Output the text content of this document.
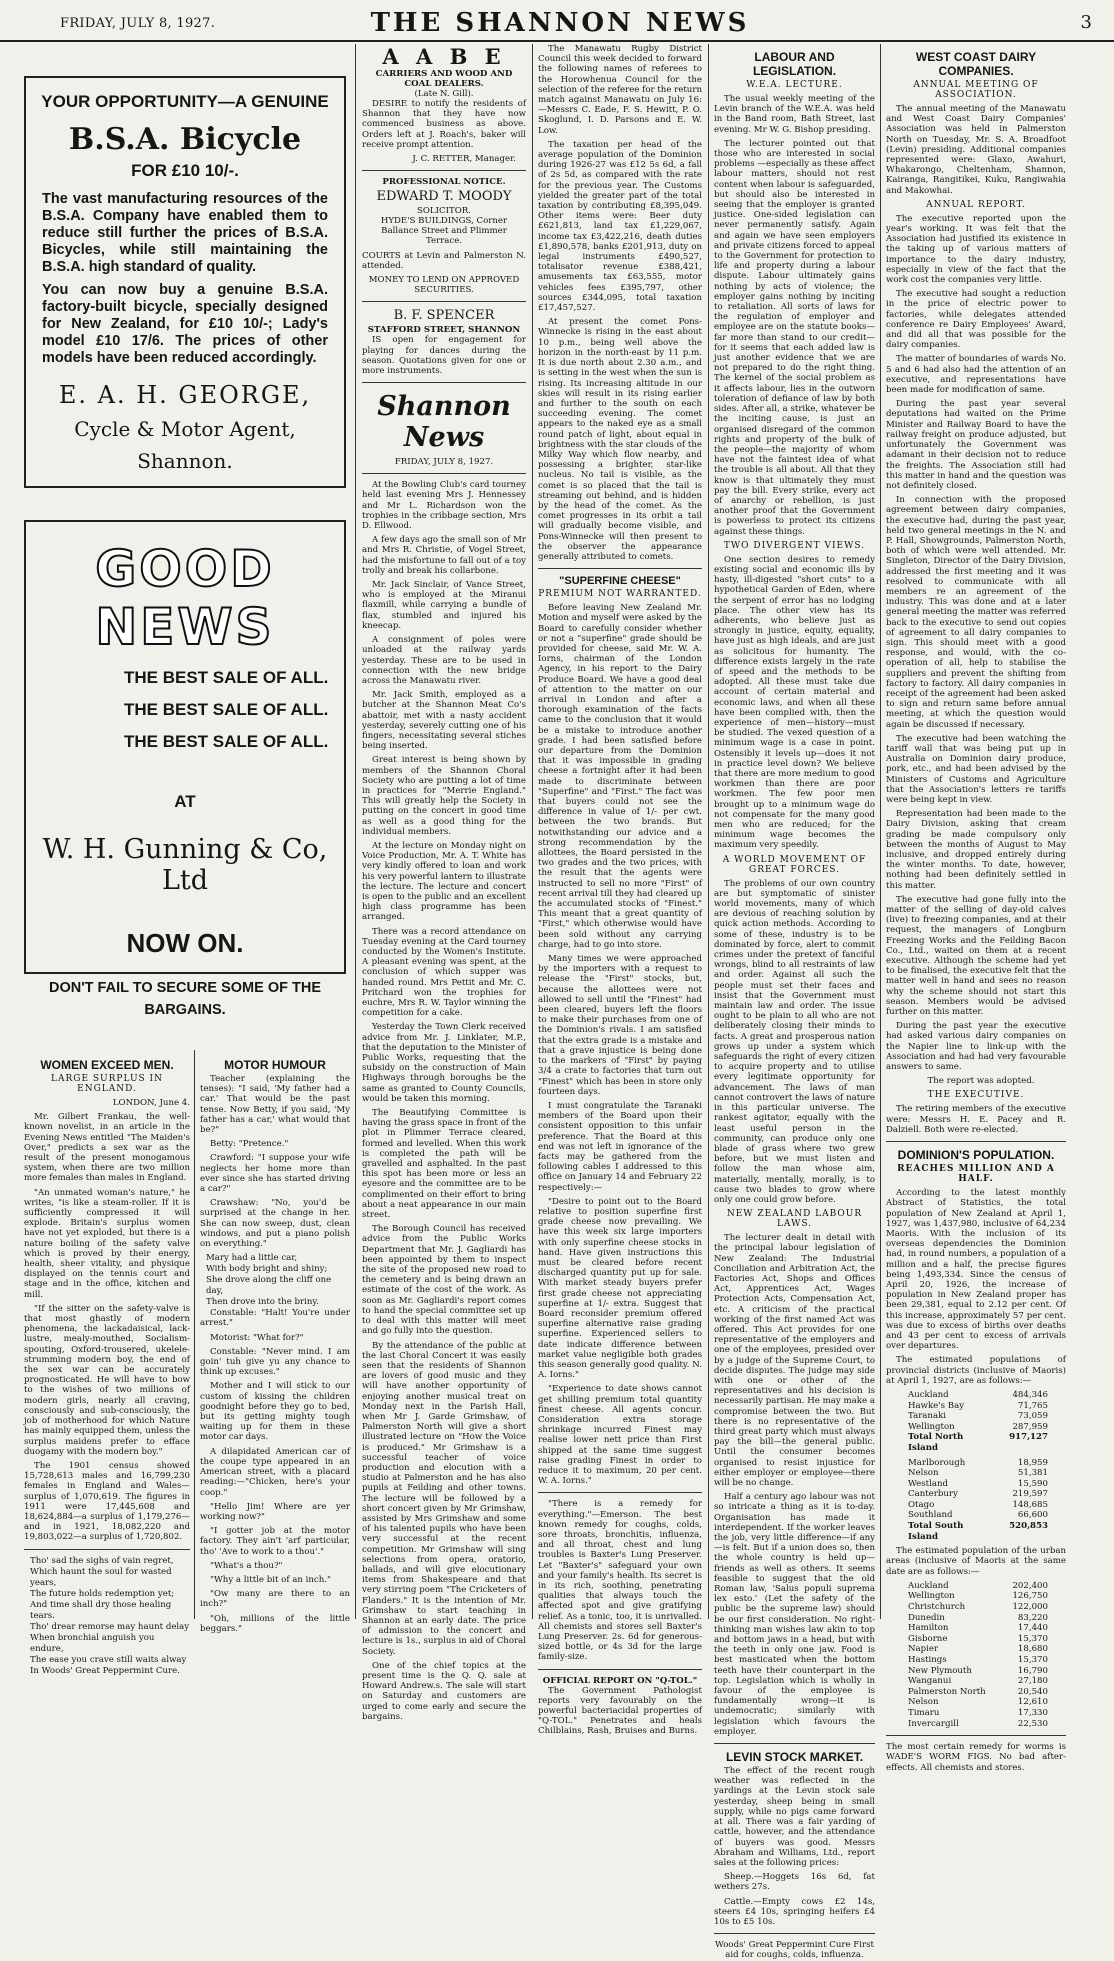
FRIDAY, JULY 8, 1927.	THE SHANNON NEWS	3
YOUR OPPORTUNITY—A GENUINE
B.S.A. Bicycle
FOR £10 10/-.
The vast manufacturing resources of the B.S.A. Company have enabled them to reduce still further the prices of B.S.A. Bicycles, while still maintaining the B.S.A. high standard of quality.
You can now buy a genuine B.S.A. factory-built bicycle, specially designed for New Zealand, for £10 10/-; Lady's model £10 17/6. The prices of other models have been reduced accordingly.
E. A. H. GEORGE,
Cycle & Motor Agent,
Shannon.
GOOD NEWS
THE BEST SALE OF ALL.
THE BEST SALE OF ALL.
THE BEST SALE OF ALL.
AT
W. H. Gunning & Co, Ltd
NOW ON.
DON'T FAIL TO SECURE SOME OF THE BARGAINS.
WOMEN EXCEED MEN.
LARGE SURPLUS IN ENGLAND.

LONDON, June 4.

Mr. Gilbert Frankau, the well-known novelist, in an article in the Evening News entitled "The Maiden's Over," predicts a sex war as the result of the present monogamous system, when there are two million more females than males in England.

"An unmated woman's nature," he writes, "is like a steam-roller. If it is sufficiently compressed it will explode. Britain's surplus women have not yet exploded, but there is a nature boiling of the safety valve which is proved by their energy, health, sheer vitality, and physique displayed on the tennis court and stage and in the office, kitchen and mill.

"If the sitter on the safety-valve is that most ghastly of modern phenomena, the lackadaisical, lack-lustre, mealy-mouthed, Socialism-spouting, Oxford-trousered, ukelele-strumming modern boy, the end of the sex war can be accurately prognosticated. He will have to bow to the wishes of two millions of modern girls, nearly all craving, consciously and sub-consciously, the job of motherhood for which Nature has mainly equipped them, unless the surplus maidens prefer to efface duogamy with the modern boy."

The 1901 census showed 15,728,613 males and 16,799,230 females in England and Wales—surplus of 1,070,619. The figures in 1911 were 17,445,608 and 18,624,884—a surplus of 1,179,276—and in 1921, 18,082,220 and 19,803,022—a surplus of 1,720,802.

Tho' sad the sighs of vain regret,
Which haunt the soul for wasted years,
The future holds redemption yet;
And time shall dry those healing tears.
Tho' drear remorse may haunt delay
When bronchial anguish you endure,
The ease you crave still waits alway
In Woods' Great Peppermint Cure.
MOTOR HUMOUR

Teacher (explaining the tenses): "I said, 'My father had a car.' That would be the past tense. Now Betty, if you said, 'My father has a car,' what would that be?"

Betty: "Pretence."

Crawford: "I suppose your wife neglects her home more than ever since she has started driving a car?"

Crawshaw: "No, you'd be surprised at the change in her. She can now sweep, dust, clean windows, and put a piano polish on everything."

Mary had a little car,
With body bright and shiny;
She drove along the cliff one day,
Then drove into the briny.

Constable: "Halt! You're under arrest."

Motorist: "What for?"

Constable: "Never mind. I am goin' tuh give yu any chance to think up excuses."

Mother and I will stick to our custom of kissing the children goodnight before they go to bed, but its getting mighty tough waiting up for them in these motor car days.

A dilapidated American car of the coupe type appeared in an American street, with a placard reading:—"Chicken, here's your coop."

"Hello Jim! Where are yer working now?"

"I gotter job at the motor factory. They ain't 'arf particular, tho' 'Ave to work to a thou'."

"What's a thou?"

"Why a little bit of an inch."

"Ow many are there to an inch?"

"Oh, millions of the little beggars."

A A B E
CARRIERS AND WOOD AND COAL DEALERS.
(Late N. Gill).

DESIRE to notify the residents of Shannon that they have now commenced business as above. Orders left at J. Roach's, baker will receive prompt attention.

J. C. RETTER, Manager.
PROFESSIONAL NOTICE.
EDWARD T. MOODY
SOLICITOR.

HYDE'S BUILDINGS, Corner Ballance Street and Plimmer Terrace.

COURTS at Levin and Palmerston N. attended.

MONEY TO LEND ON APPROVED SECURITIES.

B. F. SPENCER
STAFFORD STREET, SHANNON

IS open for engagement for playing for dances during the season. Quotations given for one or more instruments.

Shannon News
FRIDAY, JULY 8, 1927.

At the Bowling Club's card tourney held last evening Mrs J. Hennessey and Mr L. Richardson won the trophies in the cribbage section, Mrs D. Ellwood.

A few days ago the small son of Mr and Mrs R. Christie, of Vogel Street, had the misfortune to fall out of a toy trolly and break his collarbone.

Mr. Jack Sinclair, of Vance Street, who is employed at the Miranui flaxmill, while carrying a bundle of flax, stumbled and injured his kneecap.

A consignment of poles were unloaded at the railway yards yesterday. These are to be used in connection with the new bridge across the Manawatu river.

Mr. Jack Smith, employed as a butcher at the Shannon Meat Co's abattoir, met with a nasty accident yesterday, severely cutting one of his fingers, necessitating several stiches being inserted.

Great interest is being shown by members of the Shannon Choral Society who are putting a lot of time in practices for "Merrie England." This will greatly help the Society in putting on the concert in good time as well as a good thing for the individual members.

At the lecture on Monday night on Voice Production, Mr. A. T. White has very kindly offered to loan and work his very powerful lantern to illustrate the lecture. The lecture and concert is open to the public and an excellent high class programme has been arranged.

There was a record attendance on Tuesday evening at the Card tourney conducted by the Women's Institute. A pleasant evening was spent, at the conclusion of which supper was handed round. Mrs Pettit and Mr. C. Pritchard won the trophies for euchre, Mrs R. W. Taylor winning the competition for a cake.

Yesterday the Town Clerk received advice from Mr. J. Linklater, M.P., that the deputation to the Minister of Public Works, requesting that the subsidy on the construction of Main Highways through boroughs be the same as granted to County Councils, would be taken this morning.

The Beautifying Committee is having the grass space in front of the plot in Plimmer Terrace cleared, formed and levelled. When this work is completed the path will be gravelled and asphalted. In the past this spot has been more or less an eyesore and the committee are to be complimented on their effort to bring about a neat appearance in our main street.

The Borough Council has received advice from the Public Works Department that Mr. J. Gagliardi has been appointed by them to inspect the site of the proposed new road to the cemetery and is being drawn an estimate of the cost of the work. As soon as Mr. Gagliardi's report comes to hand the special committee set up to deal with this matter will meet and go fully into the question.

By the attendance of the public at the last Choral Concert it was easily seen that the residents of Shannon are lovers of good music and they will have another opportunity of enjoying another musical treat on Monday next in the Parish Hall, when Mr J. Garde Grimshaw, of Palmerston North will give a short illustrated lecture on "How the Voice is produced." Mr Grimshaw is a successful teacher of voice production and elocution with a studio at Palmerston and he has also pupils at Feilding and other towns. The lecture will be followed by a short concert given by Mr Grimshaw, assisted by Mrs Grimshaw and some of his talented pupils who have been very successful at the recent competition. Mr Grimshaw will sing selections from opera, oratorio, ballads, and will give elocutionary items from Shakespeare and that very stirring poem "The Cricketers of Flanders." It is the intention of Mr. Grimshaw to start teaching in Shannon at an early date. The price of admission to the concert and lecture is 1s., surplus in aid of Choral Society.

One of the chief topics at the present time is the Q. Q. sale at Howard Andrew.s. The sale will start on Saturday and customers are urged to come early and secure the bargains.

The Manawatu Rugby District Council this week decided to forward the following names of referees to the Horowhenua Council for the selection of the referee for the return match against Manawatu on July 16:—Messrs C. Eade, F. S. Hewitt, P. O. Skoglund, I. D. Parsons and E. W. Low.

The taxation per head of the average population of the Dominion during 1926-27 was £12 5s 6d, a fall of 2s 5d, as compared with the rate for the previous year. The Customs yielded the greater part of the total taxation by contributing £8,395,049. Other items were: Beer duty £621,813, land tax £1,229,067, income tax £3,422,216, death duties £1,890,578, banks £201,913, duty on legal instruments £490,527, totalisator revenue £388,421, amusements tax £63,555, motor vehicles fees £395,797, other sources £344,095, total taxation £17,457,527.

At present the comet Pons-Winnecke is rising in the east about 10 p.m., being well above the horizon in the north-east by 11 p.m. It is due north about 2.30 a.m., and is setting in the west when the sun is rising. Its increasing altitude in our skies will result in its rising earlier and further to the south on each succeeding evening. The comet appears to the naked eye as a small round patch of light, about equal in brightness with the star clouds of the Milky Way which flow nearby, and possessing a brighter, star-like nucleus. No tail is visible, as the comet is so placed that the tail is streaming out behind, and is hidden by the head of the comet. As the comet progresses in its orbit a tail will gradually become visible, and Pons-Winnecke will then present to the observer the appearance generally attributed to comets.

"SUPERFINE CHEESE"
PREMIUM NOT WARRANTED.

Before leaving New Zealand Mr. Motion and myself were asked by the Board to carefully consider whether or not a "superfine" grade should be provided for cheese, said Mr. W. A. Iorns, chairman of the London Agency, in his report to the Dairy Produce Board. We have a good deal of attention to the matter on our arrival in London and after a thorough examination of the facts came to the conclusion that it would be a mistake to introduce another grade. I had been satisfied before our departure from the Dominion that it was impossible in grading cheese a fortnight after it had been made to discriminate between "Superfine" and "First." The fact was that buyers could not see the difference in value of 1/- per cwt. between the two brands. But notwithstanding our advice and a strong recommendation by the allottees, the Board persisted in the two grades and the two prices, with the result that the agents were instructed to sell no more "First" of recent arrival till they had cleared up the accumulated stocks of "Finest." This meant that a great quantity of "First," which otherwise would have been sold without any carrying charge, had to go into store.

Many times we were approached by the importers with a request to release the "First" stocks, but, because the allottees were not allowed to sell until the "Finest" had been cleared, buyers left the floors to make their purchases from one of the Dominion's rivals. I am satisfied that the extra grade is a mistake and that a grave injustice is being done to the markers of "First" by paying 3/4 a crate to factories that turn out "Finest" which has been in store only fourteen days.

I must congratulate the Taranaki members of the Board upon their consistent opposition to this unfair preference. That the Board at this end was not left in ignorance of the facts may be gathered from the following cables I addressed to this office on January 14 and February 22 respectively:—

"Desire to point out to the Board relative to position superfine first grade cheese now prevailing. We have this week six large importers with only superfine cheese stocks in hand. Have given instructions this must be cleared before recent discharged quantity put up for sale. With market steady buyers prefer first grade cheese not appreciating superfine at 1/- extra. Suggest that Board reconsider premium offered superfine alternative raise grading superfine. Experienced sellers to date indicate difference between market value negligible both grades this season generally good quality. N. A. Iorns."

"Experience to date shows cannot get shilling premium total quantity finest cheese. All agents concur. Consideration extra storage shrinkage incurred Finest may realise lower nett price than First shipped at the same time suggest raise grading Finest in order to reduce it to maximum, 20 per cent. W. A. Iorns."

"There is a remedy for everything."—Emerson. The best known remedy for coughs, colds, sore throats, bronchitis, influenza, and all throat, chest and lung troubles is Baxter's Lung Preserver. Let "Baxter's" safeguard your own and your family's health. Its secret is in its rich, soothing, penetrating qualities that always touch the affected spot and give gratifying relief. As a tonic, too, it is unrivalled. All chemists and stores sell Baxter's Lung Preserver. 2s. 6d for generous-sized bottle, or 4s 3d for the large family-size.

OFFICIAL REPORT ON "Q-TOL."

The Government Pathologist reports very favourably on the powerful bacteriacidal properties of "Q-TOL." Penetrates and heals Chilblains, Rash, Bruises and Burns.

LABOUR AND LEGISLATION.
W.E.A. LECTURE.

The usual weekly meeting of the Levin branch of the W.E.A. was held in the Band room, Bath Street, last evening. Mr W. G. Bishop presiding.

The lecturer pointed out that those who are interested in social problems —especially as these affect labour matters, should not rest content when labour is safeguarded, but should also be interested in seeing that the employer is granted justice. One-sided legislation can never permanently satisfy. Again and again we have seen employers and private citizens forced to appeal to the Government for protection to life and property during a labour dispute. Labour ultimately gains nothing by acts of violence; the employer gains nothing by inciting to retaliation. All sorts of laws for the regulation of employer and employee are on the statute books—far more than stand to our credit—for it seems that each added law is just another evidence that we are not prepared to do the right thing. The kernel of the social problem as it affects labour, lies in the outworn toleration of defiance of law by both sides. After all, a strike, whatever be the inciting cause, is just an organised disregard of the common rights and property of the bulk of the people—the majority of whom have not the faintest idea of what the trouble is all about. All that they know is that ultimately they must pay the bill. Every strike, every act of anarchy or rebellion, is just another proof that the Government is powerless to protect its citizens against these things.

TWO DIVERGENT VIEWS.

One section desires to remedy existing social and economic ills by hasty, ill-digested "short cuts" to a hypothetical Garden of Eden, where the serpent of error has no lodging place. The other view has its adherents, who believe just as strongly in justice, equity, equality, have just as high ideals, and are just as solicitous for humanity. The difference exists largely in the rate of speed and the methods to be adopted. All these must take due account of certain material and economic laws, and when all these have been complied with, then the experience of men—history—must be studied. The vexed question of a minimum wage is a case in point. Ostensibly it levels up—does it not in practice level down? We believe that there are more medium to good workmen than there are poor workmen. The few poor men brought up to a minimum wage do not compensate for the many good men who are reduced; for the minimum wage becomes the maximum very speedily.

A WORLD MOVEMENT OF GREAT FORCES.

The problems of our own country are but symptomatic of sinister world movements, many of which are devious of reaching solution by quick action methods. According to some of these, industry is to be dominated by force, alert to commit crimes under the pretext of fanciful wrongs, blind to all restraints of law and order. Against all such the people must set their faces and insist that the Government must maintain law and order. The issue ought to be plain to all who are not deliberately closing their minds to facts. A great and prosperous nation grows up under a system which safeguards the right of every citizen to acquire property and to utilise every legitimate opportunity for advancement. The laws of man cannot controvert the laws of nature in this particular universe. The rankest agitator, equally with the least useful person in the community, can produce only one blade of grass where two grew before, but we must listen and follow the man whose aim, materially, mentally, morally, is to cause two blades to grow where only one could grow before.

NEW ZEALAND LABOUR LAWS.

The lecturer dealt in detail with the principal labour legislation of New Zealand: The Industrial Conciliation and Arbitration Act, the Factories Act, Shops and Offices Act, Apprentices Act, Wages Protection Acts, Compensation Act, etc. A criticism of the practical working of the first named Act was offered. This Act provides for one representative of the employers and one of the employees, presided over by a judge of the Supreme Court, to decide disputes. The judge may side with one or other of the representatives and his decision is necessarily partisan. He may make a compromise between the two. But there is no representative of the third great party which must always pay the bill—the general public. Until the consumer becomes organised to resist injustice for either employer or employee—there will be no change.

Half a century ago labour was not so intricate a thing as it is to-day. Organisation has made it interdependent. If the worker leaves the job, very little difference—if any—is felt. But if a union does so, then the whole country is held up—friends as well as others. It seems feasible to suggest that the old Roman law, 'Salus populi suprema lex esto.' (Let the safety of the public be the supreme law) should be our first consideration. No right-thinking man wishes law akin to top and bottom jaws in a head, but with the teeth in only one jaw. Food is best masticated when the bottom teeth have their counterpart in the top. Legislation which is wholly in favour of the employee is fundamentally wrong—it is undemocratic; similarly with legislation which favours the employer.

LEVIN STOCK MARKET.

The effect of the recent rough weather was reflected in the yardings at the Levin stock sale yesterday, sheep being in small supply, while no pigs came forward at all. There was a fair yarding of cattle, however, and the attendance of buyers was good. Messrs Abraham and Williams, Ltd., report sales at the following prices:

Sheep.—Hoggets 16s 6d, fat wethers 27s.

Cattle.—Empty cows £2 14s, steers £4 10s, springing heifers £4 10s to £5 10s.

Woods' Great Peppermint Cure First aid for coughs, colds, influenza.

WEST COAST DAIRY COMPANIES.
ANNUAL MEETING OF ASSOCIATION.

The annual meeting of the Manawatu and West Coast Dairy Companies' Association was held in Palmerston North on Tuesday, Mr. S. A. Broadfoot (Levin) presiding. Additional companies represented were: Glaxo, Awahuri, Whakarongo, Cheltenham, Shannon, Kairanga, Rangitikei, Kuku, Rangiwahia and Makowhai.

ANNUAL REPORT.

The executive reported upon the year's working. It was felt that the Association had justified its existence in the taking up of various matters of importance to the dairy industry, especially in view of the fact that the work cost the companies very little.

The executive had sought a reduction in the price of electric power to factories, while delegates attended conference re Dairy Employees' Award, and did all that was possible for the dairy companies.

The matter of boundaries of wards No. 5 and 6 had also had the attention of an executive, and representations have been made for modification of same.

During the past year several deputations had waited on the Prime Minister and Railway Board to have the railway freight on produce adjusted, but unfortunately the Government was adamant in their decision not to reduce the freights. The Association still had this matter in hand and the question was not definitely closed.

In connection with the proposed agreement between dairy companies, the executive had, during the past year, held two general meetings in the N. and P. Hall, Showgrounds, Palmerston North, both of which were well attended. Mr. Singleton, Director of the Dairy Division, addressed the first meeting and it was resolved to communicate with all members re an agreement of the industry. This was done and at a later general meeting the matter was referred back to the executive to send out copies of agreement to all dairy companies to sign. This should meet with a good response, and would, with the co-operation of all, help to stabilise the suppliers and prevent the shifting from factory to factory. All dairy companies in receipt of the agreement had been asked to sign and return same before annual meeting, at which the question would again be discussed if necessary.

The executive had been watching the tariff wall that was being put up in Australia on Dominion dairy produce, pork, etc., and had been advised by the Ministers of Customs and Agriculture that the Association's letters re tariffs were being kept in view.

Representation had been made to the Dairy Division, asking that cream grading be made compulsory only between the months of August to May inclusive, and dropped entirely during the winter months. To date, however, nothing had been definitely settled in this matter.

The executive had gone fully into the matter of the selling of day-old calves (live) to freezing companies, and at their request, the managers of Longburn Freezing Works and the Feilding Bacon Co., Ltd., waited on them at a recent executive. Although the scheme had yet to be finalised, the executive felt that the matter well in hand and sees no reason why the scheme should not start this season. Members would be advised further on this matter.

During the past year the executive had asked various dairy companies on the Napier line to link-up with the Association and had had very favourable answers to same.

The report was adopted.

THE EXECUTIVE.

The retiring members of the executive were: Messrs H. E. Pacey and R. Dalziell. Both were re-elected.

DOMINION'S POPULATION.
REACHES MILLION AND A HALF.

According to the latest monthly Abstract of Statistics, the total population of New Zealand at April 1, 1927, was 1,437,980, inclusive of 64,234 Maoris. With the inclusion of its overseas dependencies the Dominion had, in round numbers, a population of a million and a half, the precise figures being 1,493,334. Since the census of April 20, 1926, the increase of population in New Zealand proper has been 29,381, equal to 2.12 per cent. Of this increase, approximately 57 per cent. was due to excess of births over deaths and 43 per cent to excess of arrivals over departures.

The estimated populations of provincial districts (inclusive of Maoris) at April 1, 1927, are as follows:—

Auckland	484,346
Hawke's Bay	71,765
Taranaki	73,059
Wellington	287,959
Total North Island
917,127
Marlborough	18,959
Nelson	51,381
Westland	15,590
Canterbury	219,597
Otago	148,685
Southland	66,600
Total South Island
520,853

The estimated population of the urban areas (inclusive of Maoris at the same date are as follows:—

Auckland	202,400
Wellington	126,750
Christchurch	122,000
Dunedin	83,220
Hamilton	17,440
Gisborne	15,370
Napier	18,680
Hastings	15,370
New Plymouth	16,790
Wanganui	27,180
Palmerston North	20,540
Nelson	12,610
Timaru	17,330
Invercargill	22,530

The most certain remedy for worms is WADE'S WORM FIGS. No bad after-effects. All chemists and stores.
